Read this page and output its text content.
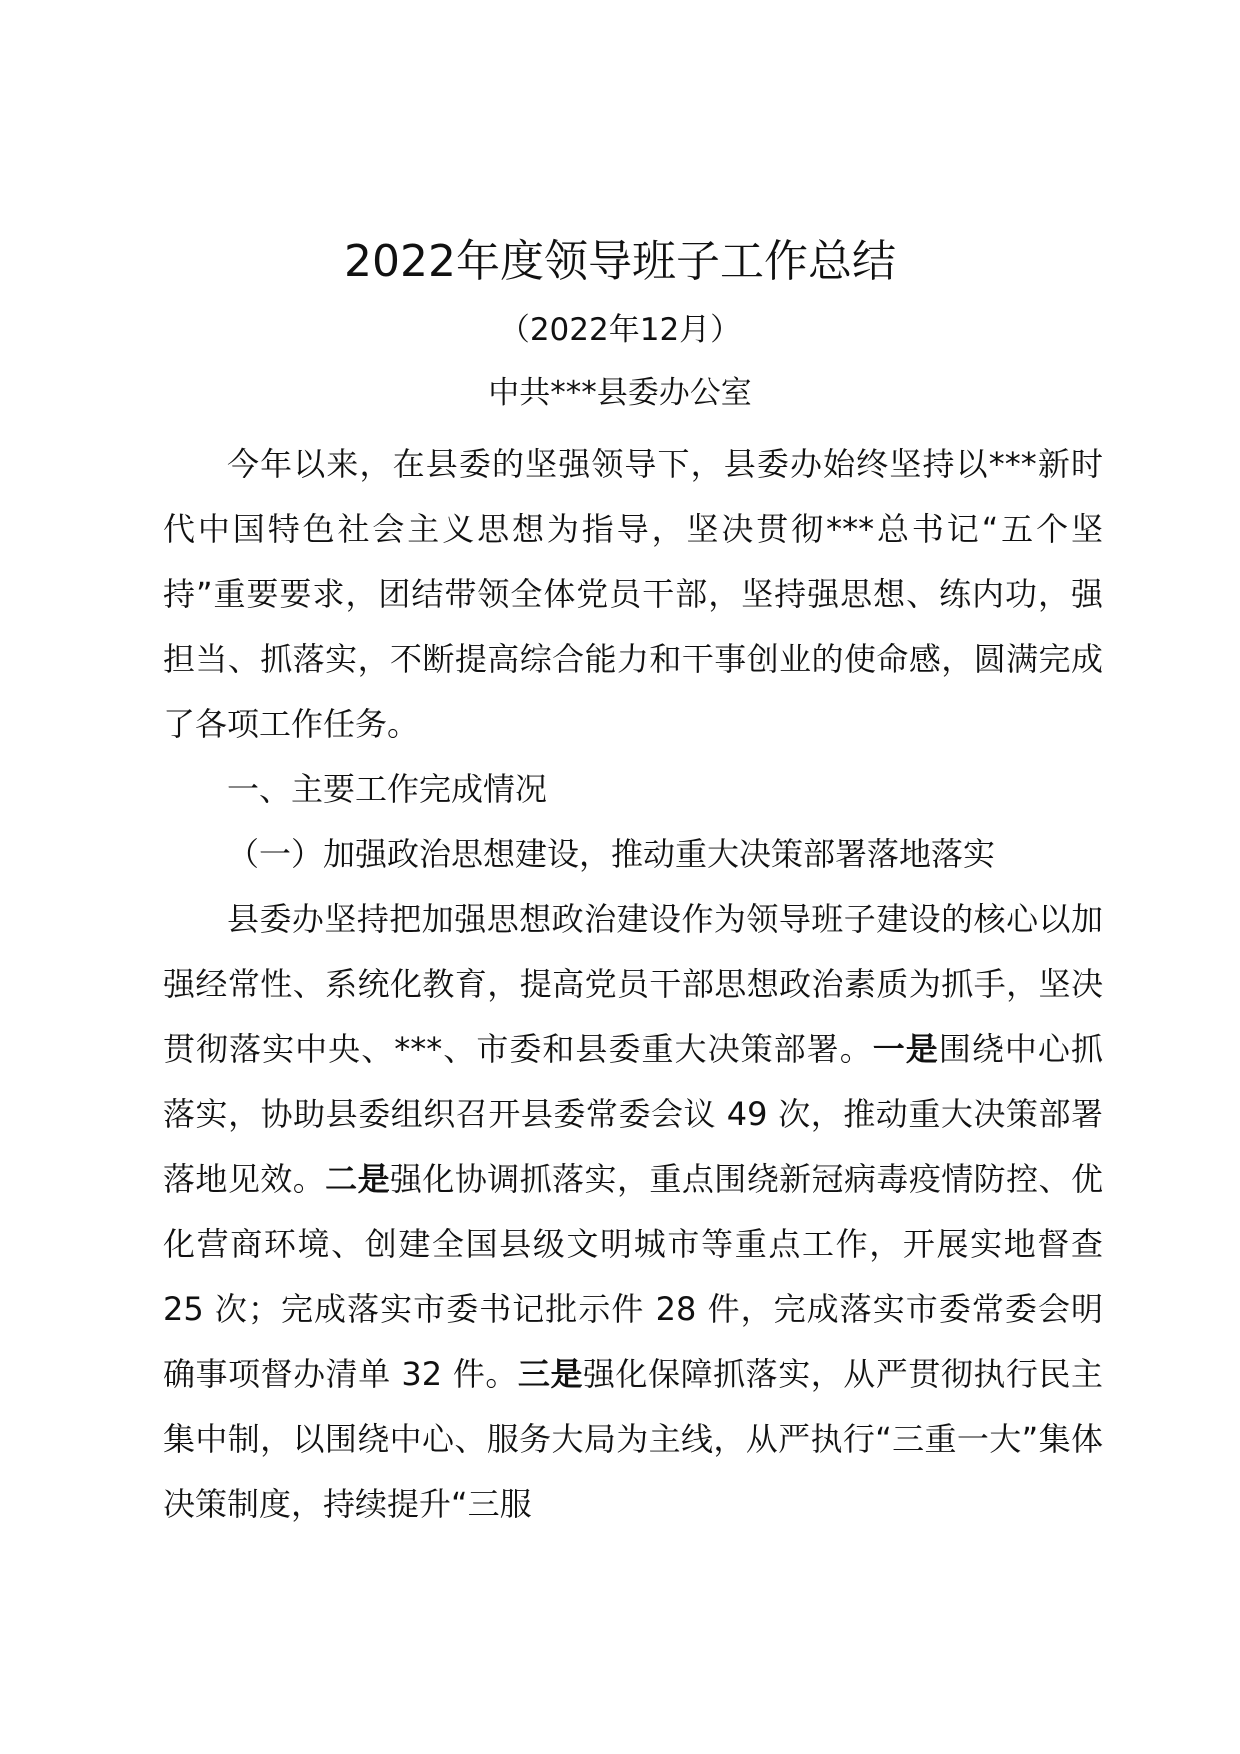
2022年度领导班子工作总结
（2022年12月）
中共***县委办公室

今年以来，在县委的坚强领导下，县委办始终坚持以***新时代中国特色社会主义思想为指导，坚决贯彻***总书记“五个坚持”重要要求，团结带领全体党员干部，坚持强思想、练内功，强担当、抓落实，不断提高综合能力和干事创业的使命感，圆满完成了各项工作任务。

一、主要工作完成情况

（一）加强政治思想建设，推动重大决策部署落地落实

县委办坚持把加强思想政治建设作为领导班子建设的核心以加强经常性、系统化教育，提高党员干部思想政治素质为抓手，坚决贯彻落实中央、***、市委和县委重大决策部署。一是围绕中心抓落实，协助县委组织召开县委常委会议 49 次，推动重大决策部署落地见效。二是强化协调抓落实，重点围绕新冠病毒疫情防控、优化营商环境、创建全国县级文明城市等重点工作，开展实地督查 25 次；完成落实市委书记批示件 28 件，完成落实市委常委会明确事项督办清单 32 件。三是强化保障抓落实，从严贯彻执行民主集中制，以围绕中心、服务大局为主线，从严执行“三重一大”集体决策制度，持续提升“三服
